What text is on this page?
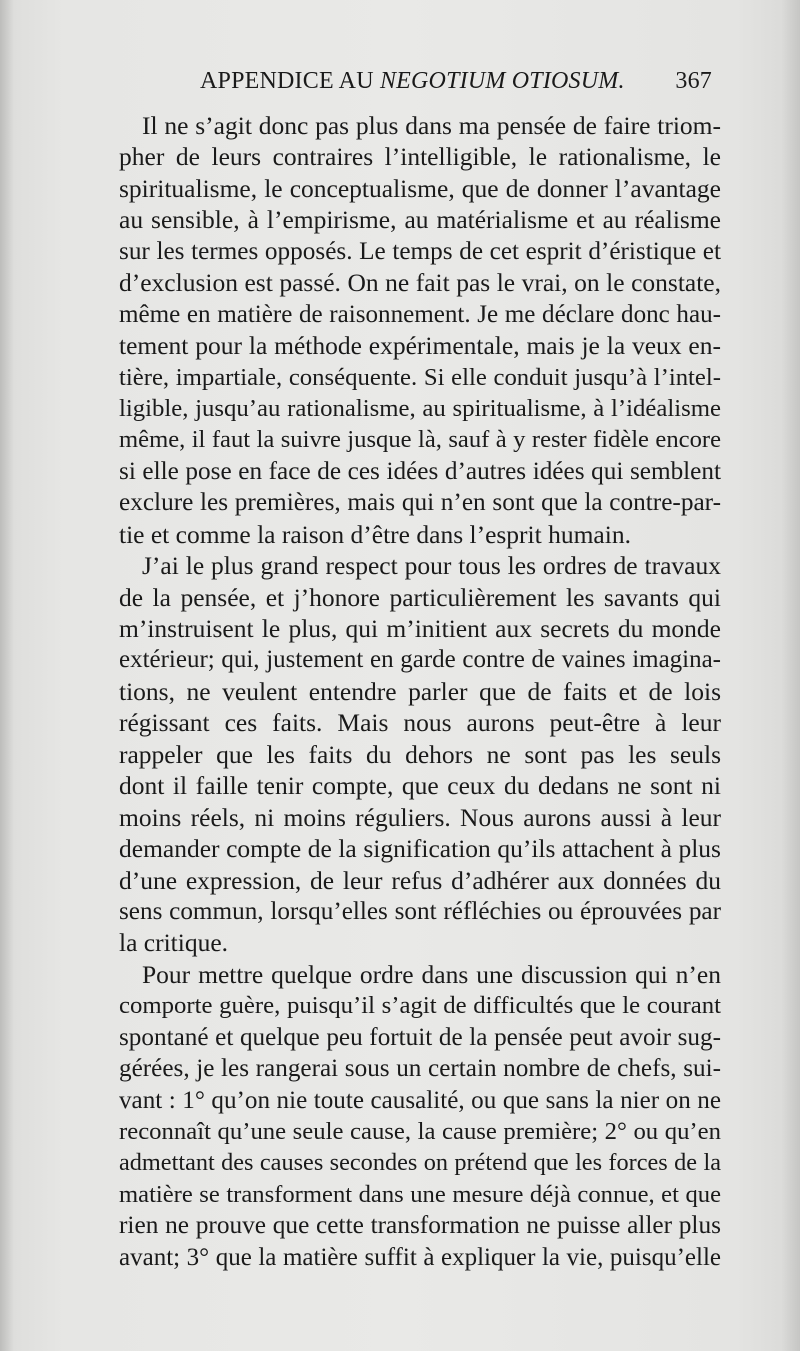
APPENDICE AU NEGOTIUM OTIOSUM. 367
Il ne s’agit donc pas plus dans ma pensée de faire triom-
pher de leurs contraires l’intelligible, le rationalisme, le
spiritualisme, le conceptualisme, que de donner l’avantage
au sensible, à l’empirisme, au matérialisme et au réalisme
sur les termes opposés. Le temps de cet esprit d’éristique et
d’exclusion est passé. On ne fait pas le vrai, on le constate,
même en matière de raisonnement. Je me déclare donc hau-
tement pour la méthode expérimentale, mais je la veux en-
tière, impartiale, conséquente. Si elle conduit jusqu’à l’intel-
ligible, jusqu’au rationalisme, au spiritualisme, à l’idéalisme
même, il faut la suivre jusque là, sauf à y rester fidèle encore
si elle pose en face de ces idées d’autres idées qui semblent
exclure les premières, mais qui n’en sont que la contre-par-
tie et comme la raison d’être dans l’esprit humain.
J’ai le plus grand respect pour tous les ordres de travaux
de la pensée, et j’honore particulièrement les savants qui
m’instruisent le plus, qui m’initient aux secrets du monde
extérieur; qui, justement en garde contre de vaines imagina-
tions, ne veulent entendre parler que de faits et de lois
régissant ces faits. Mais nous aurons peut-être à leur
rappeler que les faits du dehors ne sont pas les seuls
dont il faille tenir compte, que ceux du dedans ne sont ni
moins réels, ni moins réguliers. Nous aurons aussi à leur
demander compte de la signification qu’ils attachent à plus
d’une expression, de leur refus d’adhérer aux données du
sens commun, lorsqu’elles sont réfléchies ou éprouvées par
la critique.
Pour mettre quelque ordre dans une discussion qui n’en
comporte guère, puisqu’il s’agit de difficultés que le courant
spontané et quelque peu fortuit de la pensée peut avoir sug-
gérées, je les rangerai sous un certain nombre de chefs, sui-
vant : 1° qu’on nie toute causalité, ou que sans la nier on ne
reconnaît qu’une seule cause, la cause première; 2° ou qu’en
admettant des causes secondes on prétend que les forces de la
matière se transforment dans une mesure déjà connue, et que
rien ne prouve que cette transformation ne puisse aller plus
avant; 3° que la matière suffit à expliquer la vie, puisqu’elle
